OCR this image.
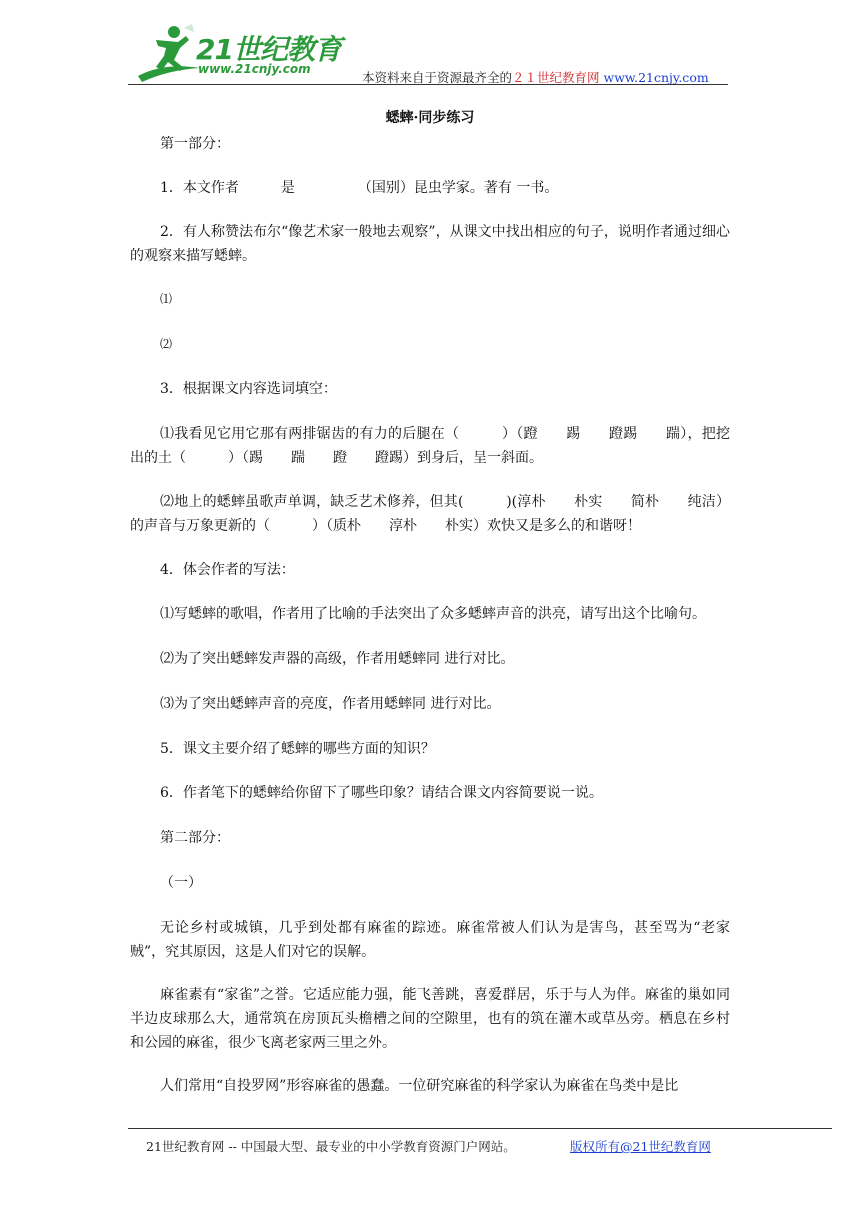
21世纪教育
www.21cnjy.com
本资料来自于资源最齐全的２１世纪教育网 www.21cnjy.com

蟋蟀·同步练习

第一部分：

1．本文作者　　　是　　　　　（国别）昆虫学家。著有 一书。

2．有人称赞法布尔“像艺术家一般地去观察”，从课文中找出相应的句子，说明作者通过细心的观察来描写蟋蟀。

⑴

⑵

3．根据课文内容选词填空：

⑴我看见它用它那有两排锯齿的有力的后腿在（　　　）（蹬　　踢　　蹬踢　　踹），把挖出的土（　　　）（踢　　踹　　蹬　　蹬踢）到身后，呈一斜面。

⑵地上的蟋蟀虽歌声单调，缺乏艺术修养，但其(　　　)(淳朴　　朴实　　简朴　　纯洁）的声音与万象更新的（　　　）（质朴　　淳朴　　朴实）欢快又是多么的和谐呀！

4．体会作者的写法：

⑴写蟋蟀的歌唱，作者用了比喻的手法突出了众多蟋蟀声音的洪亮，请写出这个比喻句。

⑵为了突出蟋蟀发声器的高级，作者用蟋蟀同 进行对比。

⑶为了突出蟋蟀声音的亮度，作者用蟋蟀同 进行对比。

5．课文主要介绍了蟋蟀的哪些方面的知识？

6．作者笔下的蟋蟀给你留下了哪些印象？请结合课文内容简要说一说。

第二部分：

（一）

无论乡村或城镇，几乎到处都有麻雀的踪迹。麻雀常被人们认为是害鸟，甚至骂为“老家贼”，究其原因，这是人们对它的误解。

麻雀素有“家雀”之誉。它适应能力强，能飞善跳，喜爱群居，乐于与人为伴。麻雀的巢如同半边皮球那么大，通常筑在房顶瓦头檐槽之间的空隙里，也有的筑在灌木或草丛旁。栖息在乡村和公园的麻雀，很少飞离老家两三里之外。

人们常用“自投罗网”形容麻雀的愚蠢。一位研究麻雀的科学家认为麻雀在鸟类中是比

21世纪教育网 -- 中国最大型、最专业的中小学教育资源门户网站。	版权所有@21世纪教育网
